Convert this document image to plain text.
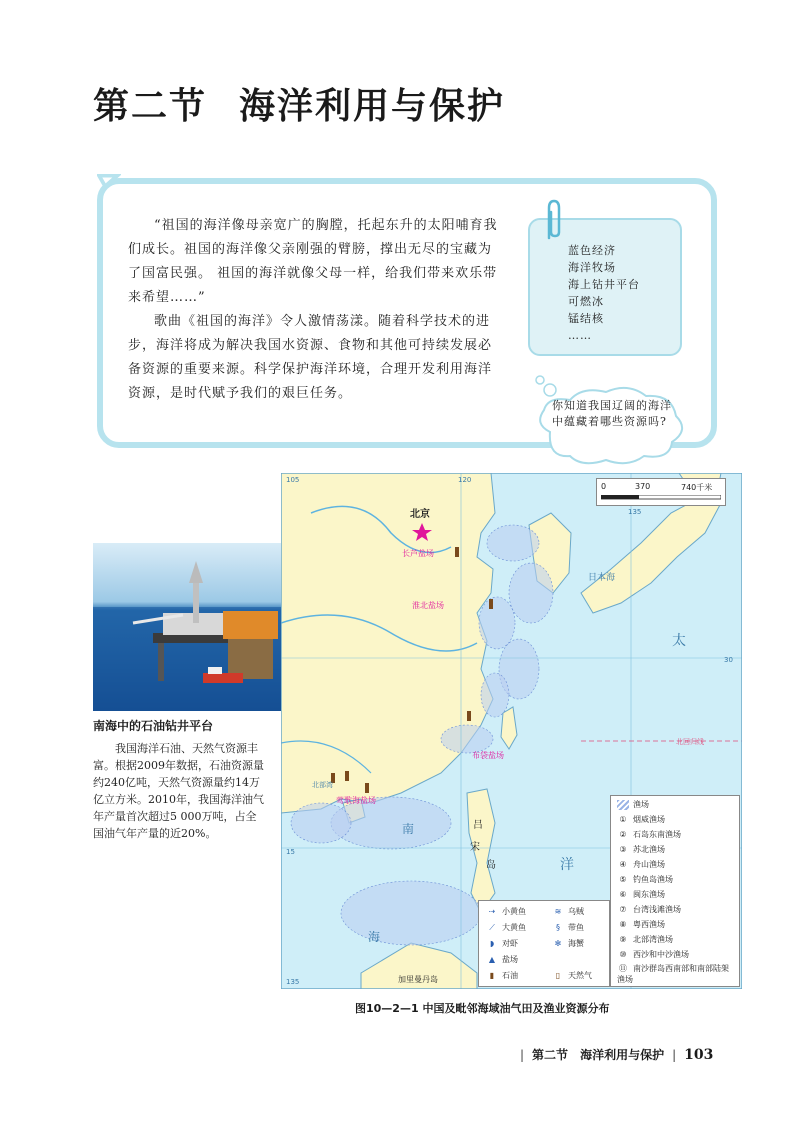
第二节 海洋利用与保护

“祖国的海洋像母亲宽广的胸膛，托起东升的太阳哺育我们成长。祖国的海洋像父亲刚强的臂膀，撑出无尽的宝藏为了国富民强。 祖国的海洋就像父母一样，给我们带来欢乐带来希望……”

歌曲《祖国的海洋》令人激情荡漾。随着科学技术的进步，海洋将成为解决我国水资源、食物和其他可持续发展必备资源的重要来源。科学保护海洋环境，合理开发利用海洋资源，是时代赋予我们的艰巨任务。

蓝色经济
海洋牧场
海上钻井平台
可燃冰
锰结核
……
你知道我国辽阔的海洋中蕴藏着哪些资源吗?
南海中的石油钻井平台

我国海洋石油、天然气资源丰富。根据2009年数据，石油资源量约240亿吨，天然气资源量约14万亿立方米。2010年，我国海洋油气年产量首次超过5 000万吨，占全国油气年产量的近20%。

北京
长芦盐场
淮北盐场
布袋盐场
莺歌海盐场
日本海
太
洋
吕
宋
岛
南
海
北部湾
加里曼丹岛
105	120
135
30
15
北回归线
135
0	370	740千米
渔场
① 烟威渔场
② 石岛东南渔场
③ 苏北渔场
④ 舟山渔场
⑤ 钓鱼岛渔场
⑥ 闽东渔场
⑦ 台湾浅滩渔场
⑧ 粤西渔场
⑨ 北部湾渔场
⑩ 西沙和中沙渔场
⑪ 南沙群岛西南部和南部陆架渔场
⇢ 小黄鱼	≋ 乌贼
⟋ 大黄鱼	§ 带鱼
◗ 对虾	✻ 海蟹
▲ 盐场
▮ 石油	▯ 天然气
图10—2—1 中国及毗邻海域油气田及渔业资源分布
| 第二节 海洋利用与保护 | 103
